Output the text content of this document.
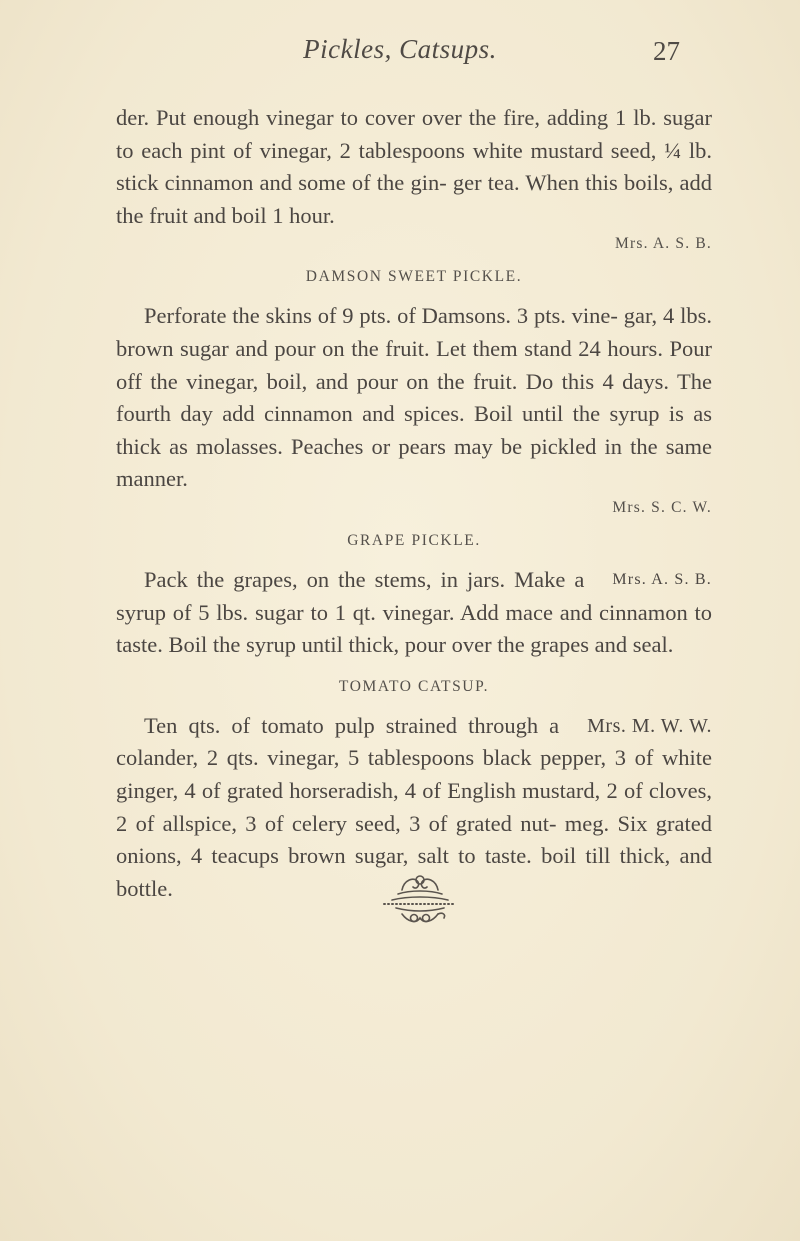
Pickles, Catsups.	27

der. Put enough vinegar to cover over the fire, adding 1 lb. sugar to each pint of vinegar, 2 tablespoons white mustard seed, ¼ lb. stick cinnamon and some of the gin- ger tea. When this boils, add the fruit and boil 1 hour.

Mrs. A. S. B.

DAMSON SWEET PICKLE.

Perforate the skins of 9 pts. of Damsons. 3 pts. vine- gar, 4 lbs. brown sugar and pour on the fruit. Let them stand 24 hours. Pour off the vinegar, boil, and pour on the fruit. Do this 4 days. The fourth day add cinnamon and spices. Boil until the syrup is as thick as molasses. Peaches or pears may be pickled in the same manner.

Mrs. S. C. W.

GRAPE PICKLE.

Mrs. A. S. B.
Pack the grapes, on the stems, in jars. Make a syrup of 5 lbs. sugar to 1 qt. vinegar. Add mace and cinnamon to taste. Boil the syrup until thick, pour over the grapes and seal.

TOMATO CATSUP.

Mrs. M. W. W.
Ten qts. of tomato pulp strained through a colander, 2 qts. vinegar, 5 tablespoons black pepper, 3 of white ginger, 4 of grated horseradish, 4 of English mustard, 2 of cloves, 2 of allspice, 3 of celery seed, 3 of grated nut- meg. Six grated onions, 4 teacups brown sugar, salt to taste. boil till thick, and bottle.
